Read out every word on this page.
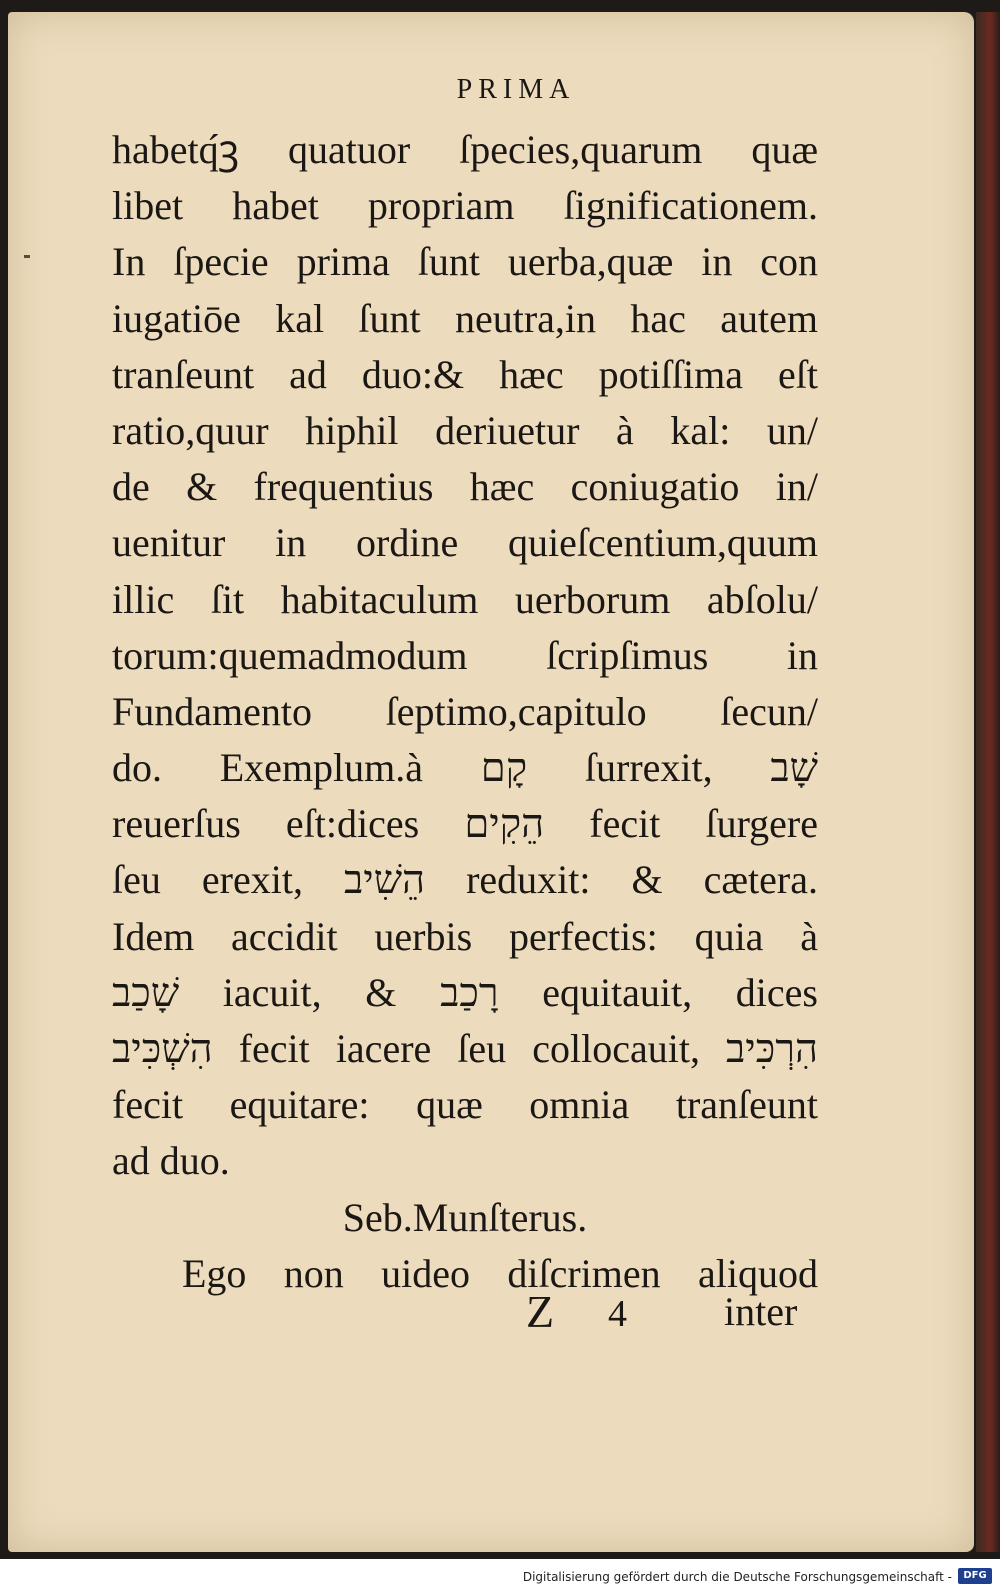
PRIMA
habetq́ꝫ quatuor ſpecies,quarum quæ
libet habet propriam ſignificationem.
In ſpecie prima ſunt uerba,quæ in con
iugatiōe kal ſunt neutra,in hac autem
tranſeunt ad duo:& hæc potiſſima eſt
ratio,quur hiphil deriuetur à kal: un/
de & frequentius hæc coniugatio in/
uenitur in ordine quieſcentium,quum
illic ſit habitaculum uerborum abſolu/
torum:quemadmodum ſcripſimus in
Fundamento ſeptimo,capitulo ſecun/
do. Exemplum.à קָם ſurrexit, שָׁב
reuerſus eſt:dices הֵקִים fecit ſurgere
ſeu erexit, הֵשִׁיב reduxit: & cætera.
Idem accidit uerbis perfectis: quia à
שָׁכַב iacuit, & רָכַב equitauit, dices
הִשְׁכִּיב fecit iacere ſeu collocauit, הִרְכִּיב
fecit equitare: quæ omnia tranſeunt
ad duo.
Seb.Munſterus.
Ego non uideo diſcrimen aliquod
Z 4 inter
Digitalisierung gefördert durch die Deutsche Forschungsgemeinschaft -	DFG
